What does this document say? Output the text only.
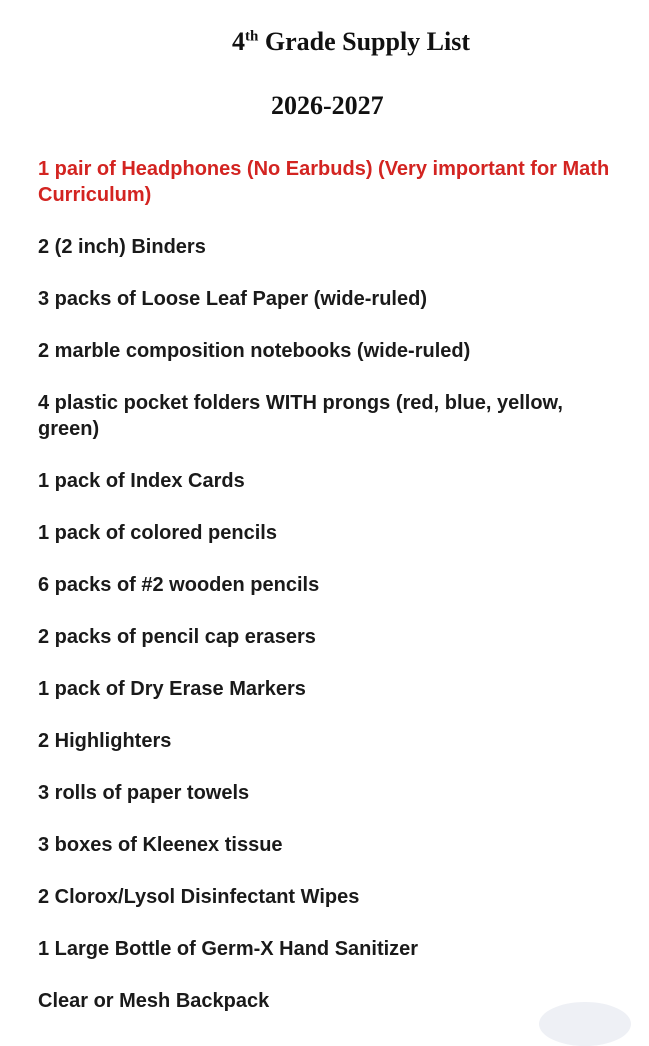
4th Grade Supply List
2026-2027
1 pair of Headphones (No Earbuds) (Very important for Math Curriculum)
2 (2 inch) Binders
3 packs of Loose Leaf Paper (wide-ruled)
2 marble composition notebooks (wide-ruled)
4 plastic pocket folders WITH prongs (red, blue, yellow, green)
1 pack of Index Cards
1 pack of colored pencils
6 packs of #2 wooden pencils
2 packs of pencil cap erasers
1 pack of Dry Erase Markers
2 Highlighters
3 rolls of paper towels
3 boxes of Kleenex tissue
2 Clorox/Lysol Disinfectant Wipes
1 Large Bottle of Germ-X Hand Sanitizer
Clear or Mesh Backpack
